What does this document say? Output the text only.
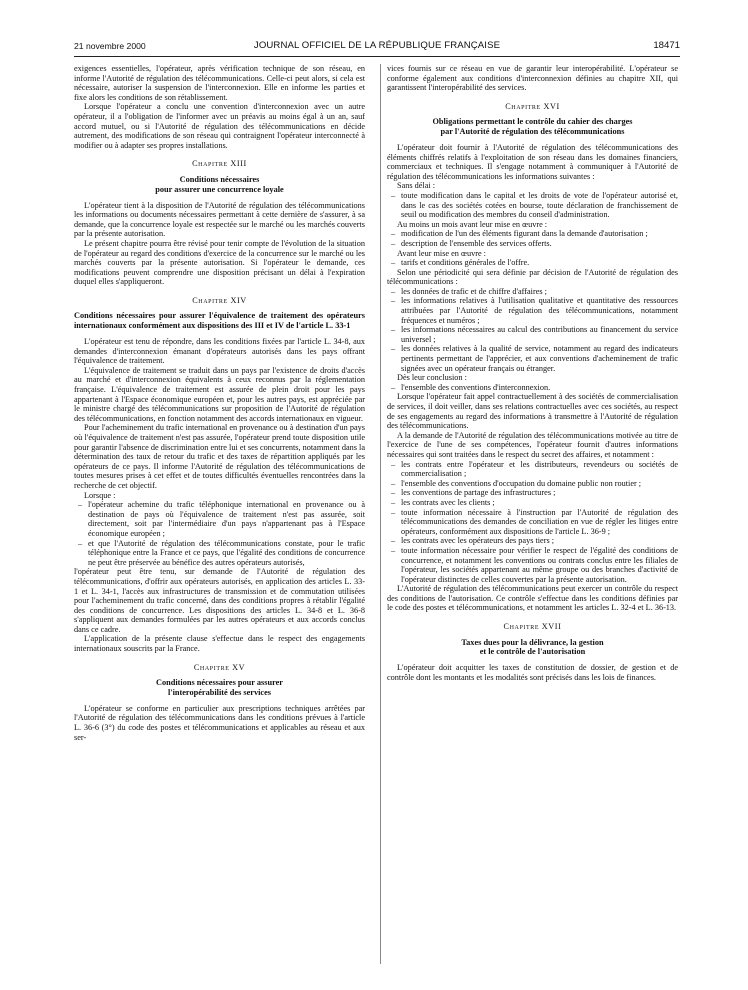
21 novembre 2000	JOURNAL OFFICIEL DE LA RÉPUBLIQUE FRANÇAISE	18471

exigences essentielles, l'opérateur, après vérification technique de son réseau, en informe l'Autorité de régulation des télécommunications. Celle-ci peut alors, si cela est nécessaire, autoriser la suspension de l'interconnexion. Elle en informe les parties et fixe alors les conditions de son rétablissement.

Lorsque l'opérateur a conclu une convention d'interconnexion avec un autre opérateur, il a l'obligation de l'informer avec un préavis au moins égal à un an, sauf accord mutuel, ou si l'Autorité de régulation des télécommunications en décide autrement, des modifications de son réseau qui contraignent l'opérateur interconnecté à modifier ou à adapter ses propres installations.

Chapitre XIII
Conditions nécessaires
pour assurer une concurrence loyale

L'opérateur tient à la disposition de l'Autorité de régulation des télécommunications les informations ou documents nécessaires permettant à cette dernière de s'assurer, à sa demande, que la concurrence loyale est respectée sur le marché ou les marchés couverts par la présente autorisation.

Le présent chapitre pourra être révisé pour tenir compte de l'évolution de la situation de l'opérateur au regard des conditions d'exercice de la concurrence sur le marché ou les marchés couverts par la présente autorisation. Si l'opérateur le demande, ces modifications peuvent comprendre une disposition précisant un délai à l'expiration duquel elles s'appliqueront.

Chapitre XIV
Conditions nécessaires pour assurer l'équivalence de traitement des opérateurs internationaux conformément aux dispositions des III et IV de l'article L. 33-1

L'opérateur est tenu de répondre, dans les conditions fixées par l'article L. 34-8, aux demandes d'interconnexion émanant d'opérateurs autorisés dans les pays offrant l'équivalence de traitement.

L'équivalence de traitement se traduit dans un pays par l'existence de droits d'accès au marché et d'interconnexion équivalents à ceux reconnus par la réglementation française. L'équivalence de traitement est assurée de plein droit pour les pays appartenant à l'Espace économique européen et, pour les autres pays, est appréciée par le ministre chargé des télécommunications sur proposition de l'Autorité de régulation des télécommunications, en fonction notamment des accords internationaux en vigueur.

Pour l'acheminement du trafic international en provenance ou à destination d'un pays où l'équivalence de traitement n'est pas assurée, l'opérateur prend toute disposition utile pour garantir l'absence de discrimination entre lui et ses concurrents, notamment dans la détermination des taux de retour du trafic et des taxes de répartition appliqués par les opérateurs de ce pays. Il informe l'Autorité de régulation des télécommunications de toutes mesures prises à cet effet et de toutes difficultés éventuelles rencontrées dans la recherche de cet objectif.

Lorsque :

– l'opérateur achemine du trafic téléphonique international en provenance ou à destination de pays où l'équivalence de traitement n'est pas assurée, soit directement, soit par l'intermédiaire d'un pays n'appartenant pas à l'Espace économique européen ;
– et que l'Autorité de régulation des télécommunications constate, pour le trafic téléphonique entre la France et ce pays, que l'égalité des conditions de concurrence ne peut être préservée au bénéfice des autres opérateurs autorisés,

l'opérateur peut être tenu, sur demande de l'Autorité de régulation des télécommunications, d'offrir aux opérateurs autorisés, en application des articles L. 33-1 et L. 34-1, l'accès aux infrastructures de transmission et de commutation utilisées pour l'acheminement du trafic concerné, dans des conditions propres à rétablir l'égalité des conditions de concurrence. Les dispositions des articles L. 34-8 et L. 36-8 s'appliquent aux demandes formulées par les autres opérateurs et aux accords conclus dans ce cadre.

L'application de la présente clause s'effectue dans le respect des engagements internationaux souscrits par la France.

Chapitre XV
Conditions nécessaires pour assurer
l'interopérabilité des services

L'opérateur se conforme en particulier aux prescriptions techniques arrêtées par l'Autorité de régulation des télécommunications dans les conditions prévues à l'article L. 36-6 (3°) du code des postes et télécommunications et applicables au réseau et aux ser-

vices fournis sur ce réseau en vue de garantir leur interopérabilité. L'opérateur se conforme également aux conditions d'interconnexion définies au chapitre XII, qui garantissent l'interopérabilité des services.

Chapitre XVI
Obligations permettant le contrôle du cahier des charges
par l'Autorité de régulation des télécommunications

L'opérateur doit fournir à l'Autorité de régulation des télécommunications des éléments chiffrés relatifs à l'exploitation de son réseau dans les domaines financiers, commerciaux et techniques. Il s'engage notamment à communiquer à l'Autorité de régulation des télécommunications les informations suivantes :

Sans délai :

– toute modification dans le capital et les droits de vote de l'opérateur autorisé et, dans le cas des sociétés cotées en bourse, toute déclaration de franchissement de seuil ou modification des membres du conseil d'administration.

Au moins un mois avant leur mise en œuvre :

– modification de l'un des éléments figurant dans la demande d'autorisation ;
– description de l'ensemble des services offerts.

Avant leur mise en œuvre :

– tarifs et conditions générales de l'offre.

Selon une périodicité qui sera définie par décision de l'Autorité de régulation des télécommunications :

– les données de trafic et de chiffre d'affaires ;
– les informations relatives à l'utilisation qualitative et quantitative des ressources attribuées par l'Autorité de régulation des télécommunications, notamment fréquences et numéros ;
– les informations nécessaires au calcul des contributions au financement du service universel ;
– les données relatives à la qualité de service, notamment au regard des indicateurs pertinents permettant de l'apprécier, et aux conventions d'acheminement de trafic signées avec un opérateur français ou étranger.

Dès leur conclusion :

– l'ensemble des conventions d'interconnexion.

Lorsque l'opérateur fait appel contractuellement à des sociétés de commercialisation de services, il doit veiller, dans ses relations contractuelles avec ces sociétés, au respect de ses engagements au regard des informations à transmettre à l'Autorité de régulation des télécommunications.

A la demande de l'Autorité de régulation des télécommunications motivée au titre de l'exercice de l'une de ses compétences, l'opérateur fournit d'autres informations nécessaires qui sont traitées dans le respect du secret des affaires, et notamment :

– les contrats entre l'opérateur et les distributeurs, revendeurs ou sociétés de commercialisation ;
– l'ensemble des conventions d'occupation du domaine public non routier ;
– les conventions de partage des infrastructures ;
– les contrats avec les clients ;
– toute information nécessaire à l'instruction par l'Autorité de régulation des télécommunications des demandes de conciliation en vue de régler les litiges entre opérateurs, conformément aux dispositions de l'article L. 36-9 ;
– les contrats avec les opérateurs des pays tiers ;
– toute information nécessaire pour vérifier le respect de l'égalité des conditions de concurrence, et notamment les conventions ou contrats conclus entre les filiales de l'opérateur, les sociétés appartenant au même groupe ou des branches d'activité de l'opérateur distinctes de celles couvertes par la présente autorisation.

L'Autorité de régulation des télécommunications peut exercer un contrôle du respect des conditions de l'autorisation. Ce contrôle s'effectue dans les conditions définies par le code des postes et télécommunications, et notamment les articles L. 32-4 et L. 36-13.

Chapitre XVII
Taxes dues pour la délivrance, la gestion
et le contrôle de l'autorisation

L'opérateur doit acquitter les taxes de constitution de dossier, de gestion et de contrôle dont les montants et les modalités sont précisés dans les lois de finances.
